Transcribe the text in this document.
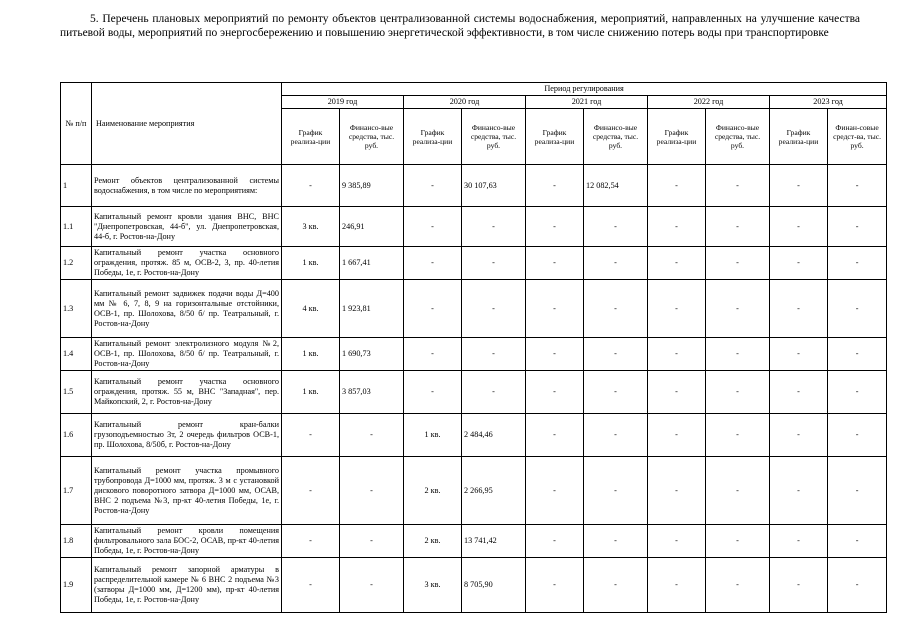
5. Перечень плановых мероприятий по ремонту объектов централизованной системы водоснабжения, мероприятий, направленных на улучшение качества питьевой воды, мероприятий по энергосбережению и повышению энергетической эффективности, в том числе снижению потерь воды при транспортировке
№ п/п	Наименование мероприятия	Период регулирования									
		2019 год		2020 год		2021 год		2022 год		2023 год	
		График реализа-ции	Финансо-вые средства, тыс. руб.	График реализа-ции	Финансо-вые средства, тыс. руб.	График реализа-ции	Финансо-вые средства, тыс. руб.	График реализа-ции	Финансо-вые средства, тыс. руб.	График реализа-ции	Финан-совые средст-ва, тыс. руб.
1	Ремонт объектов централизованной системы водоснабжения, в том числе по мероприятиям:	-	9 385,89	-	30 107,63	-	12 082,54	-	-	-	-
1.1	Капитальный ремонт кровли здания ВНС, ВНС "Днепропетровская, 44-б", ул. Днепропетровская, 44-б, г. Ростов-на-Дону	3 кв.	246,91	-	-	-	-	-	-	-	-
1.2	Капитальный ремонт участка основного ограждения, протяж. 85 м, ОСВ-2, 3, пр. 40-летия Победы, 1е, г. Ростов-на-Дону	1 кв.	1 667,41	-	-	-	-	-	-	-	-
1.3	Капитальный ремонт задвижек подачи воды Д=400 мм № 6, 7, 8, 9 на горизонтальные отстойники, ОСВ-1, пр. Шолохова, 8/50 б/ пр. Театральный, г. Ростов-на-Дону	4 кв.	1 923,81	-	-	-	-	-	-	-	-
1.4	Капитальный ремонт электролизного модуля №2, ОСВ-1, пр. Шолохова, 8/50 б/ пр. Театральный, г. Ростов-на-Дону	1 кв.	1 690,73	-	-	-	-	-	-	-	-
1.5	Капитальный ремонт участка основного ограждения, протяж. 55 м, ВНС "Западная", пер. Майкопский, 2, г. Ростов-на-Дону	1 кв.	3 857,03	-	-	-	-	-	-	-	-
1.6	Капитальный ремонт кран-балки грузоподъемностью 3т, 2 очередь фильтров ОСВ-1, пр. Шолохова, 8/50б, г. Ростов-на-Дону	-	-	1 кв.	2 484,46	-	-	-	-	-	-
1.7	Капитальный ремонт участка промывного трубопровода Д=1000 мм, протяж. 3 м с установкой дискового поворотного затвора Д=1000 мм, ОСАВ, ВНС 2 подъема №3, пр-кт 40-летия Победы, 1е, г. Ростов-на-Дону	-	-	2 кв.	2 266,95	-	-	-	-	-	-
1.8	Капитальный ремонт кровли помещения фильтровального зала БОС-2, ОСАВ, пр-кт 40-летия Победы, 1е, г. Ростов-на-Дону	-	-	2 кв.	13 741,42	-	-	-	-	-	-
1.9	Капитальный ремонт запорной арматуры в распределительной камере № 6 ВНС 2 подъема №3 (затворы Д=1000 мм, Д=1200 мм), пр-кт 40-летия Победы, 1е, г. Ростов-на-Дону	-	-	3 кв.	8 705,90	-	-	-	-	-	-
